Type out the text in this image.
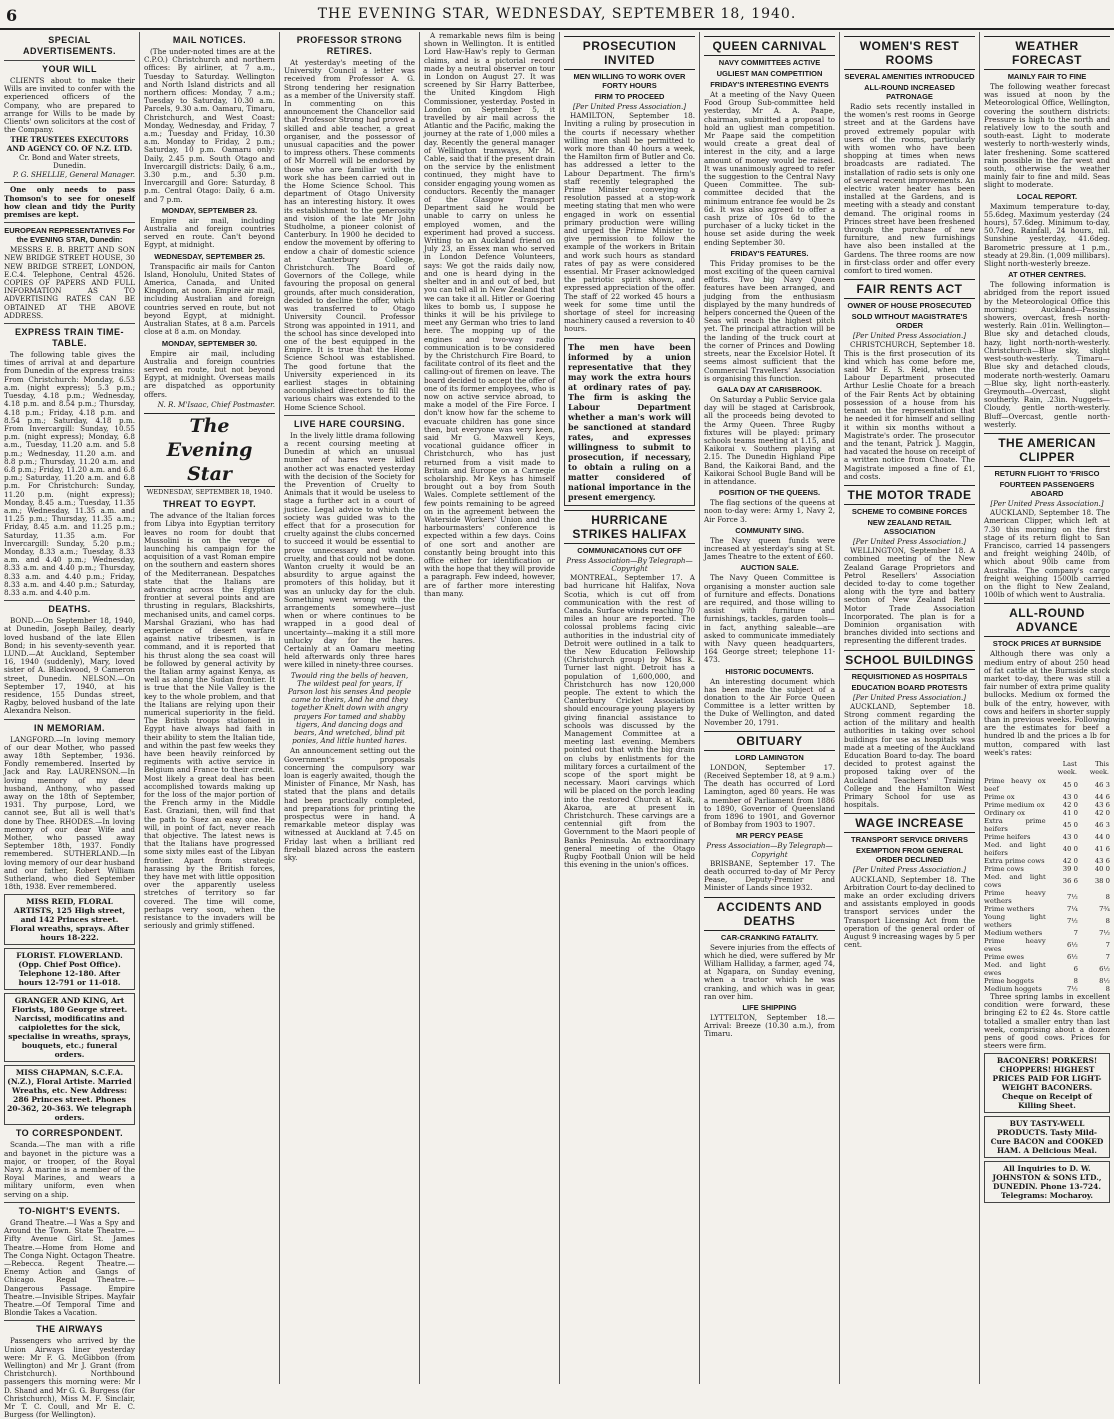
6	THE EVENING STAR, WEDNESDAY, SEPTEMBER 18, 1940.
SPECIAL ADVERTISEMENTS.
YOUR WILL

CLIENTS about to make their Wills are invited to confer with the experienced officers of the Company, who are prepared to arrange for Wills to be made by Clients' own solicitors at the cost of the Company.

THE TRUSTEES EXECUTORS AND AGENCY CO. OF N.Z. LTD.

Cr. Bond and Water streets, Dunedin.

P. G. SHELLIE, General Manager.

One only needs to pass Thomson's to see for oneself how clean and tidy the Purity premises are kept.

EUROPEAN REPRESENTATIVES For the EVENING STAR, Dunedin:

MESSRS E. B. BRETT AND SON NEW BRIDGE STREET HOUSE, 30 NEW BRIDGE STREET, LONDON, E.C.4. Telephone, Central 4526. COPIES OF PAPERS AND FULL INFORMATION AS TO ADVERTISING RATES CAN BE OBTAINED AT THE ABOVE ADDRESS.

EXPRESS TRAIN TIME-TABLE.

The following table gives the times of arrival at and departure from Dunedin of the express trains: From Christchurch: Monday, 6.53 a.m. (night express); 5.3 p.m.; Tuesday, 4.18 p.m.; Wednesday, 4.18 p.m. and 8.54 p.m.; Thursday, 4.18 p.m.; Friday, 4.18 p.m. and 8.54 p.m.; Saturday, 4.18 p.m. From Invercargill: Sunday, 10.55 p.m. (night express); Monday, 6.8 a.m., Tuesday, 11.20 a.m. and 5.8 p.m.; Wednesday, 11.20 a.m. and 8.8 p.m.; Thursday, 11.20 a.m. and 6.8 p.m.; Friday, 11.20 a.m. and 6.8 p.m.; Saturday, 11.20 a.m. and 6.8 p.m. For Christchurch: Sunday, 11.20 p.m. (night express); Monday, 8.45 a.m.; Tuesday, 11.35 a.m.; Wednesday, 11.35 a.m. and 11.25 p.m.; Thursday, 11.35 a.m.; Friday, 8.45 a.m. and 11.25 p.m.; Saturday, 11.35 a.m. For Invercargill: Sunday, 5.20 p.m.; Monday, 8.33 a.m.; Tuesday, 8.33 a.m. and 4.40 p.m.; Wednesday, 8.33 a.m. and 4.40 p.m.; Thursday, 8.33 a.m. and 4.40 p.m.; Friday, 8.33 a.m. and 4.40 p.m.; Saturday, 8.33 a.m. and 4.40 p.m.

DEATHS.

BOND.—On September 18, 1940, at Dunedin, Joseph Bailey, dearly loved husband of the late Ellen Bond; in his seventy-seventh year. LUND.—At Auckland, September 16, 1940 (suddenly), Mary, loved sister of A. Blackwood, 9 Cameron street, Dunedin. NELSON.—On September 17, 1940, at his residence, 155 Dundas street, Ragby, beloved husband of the late Alexandra Nelson.

IN MEMORIAM.

LANGFORD.—In loving memory of our dear Mother, who passed away 18th September, 1936. Fondly remembered. Inserted by Jack and Ray. LAURENSON.—In loving memory of my dear husband, Anthony, who passed away on the 18th of September, 1931. Thy purpose, Lord, we cannot see, But all is well that's done by Thee. RHODES.—In loving memory of our dear Wife and Mother, who passed away September 18th, 1937. Fondly remembered. SUTHERLAND.—In loving memory of our dear husband and our father, Robert William Sutherland, who died September 18th, 1938. Ever remembered.

MISS REID, FLORAL ARTISTS, 125 High street, and 142 Princes street. Floral wreaths, sprays. After hours 18-222.
FLORIST. FLOWERLAND. (Opp. Chief Post Office). Telephone 12-180. After hours 12-791 or 11-018.
GRANGER AND KING, Art Florists, 180 George street. Narcissi, modificatins and caipiolettes for the sick, specialise in wreaths, sprays, bouquets, etc.; funeral orders.
MISS CHAPMAN, S.C.F.A. (N.Z.), Floral Artiste. Married Wreaths, etc. New Address: 286 Princes street. Phones 20-362, 20-363. We telegraph orders.
TO CORRESPONDENT.

Scanda.—The man with a rifle and bayonet in the picture was a major, or trooper, of the Royal Navy. A marine is a member of the Royal Marines, and wears a military uniform, even when serving on a ship.

TO-NIGHT'S EVENTS.

Grand Theatre.—I Was a Spy and Around the Town. State Theatre.—Fifty Avenue Girl. St. James Theatre.—Home from Home and The Conga Night. Octagon Theatre.—Rebecca. Regent Theatre.—Enemy Action and Gangs of Chicago. Regal Theatre.—Dangerous Passage. Empire Theatre.—Invisible Stripes. Mayfair Theatre.—Of Temporal Time and Blondie Takes a Vacation.

THE AIRWAYS

Passengers who arrived by the Union Airways liner yesterday were: Mr F. G. McGibbon (from Wellington) and Mr J. Grant (from Christchurch). Northbound passengers this morning were: Mr D. Shand and Mr G. G. Burgess (for Christchurch), Miss M. F. Sinclair, Mr T. C. Coull, and Mr E. C. Burgess (for Wellington).

MAIL NOTICES.

(The under-noted times are at the C.P.O.) Christchurch and northern offices: By airliner, at 7 a.m., Tuesday to Saturday. Wellington and North Island districts and all northern offices: Monday, 7 a.m.; Tuesday to Saturday, 10.30 a.m. Parcels, 9.30 a.m. Oamaru, Timaru, Christchurch, and West Coast: Monday, Wednesday, and Friday, 7 a.m.; Tuesday and Friday, 10.30 a.m. Monday to Friday, 2 p.m.; Saturday, 10 p.m. Oamaru only: Daily, 2.45 p.m. South Otago and Invercargill districts: Daily, 6 a.m., 3.30 p.m., and 5.30 p.m. Invercargill and Gore: Saturday, 8 p.m. Central Otago: Daily, 6 a.m. and 7 p.m.

MONDAY, SEPTEMBER 23.

Empire air mail, including Australia and foreign countries served en route. Can't beyond Egypt, at midnight.

WEDNESDAY, SEPTEMBER 25.

Transpacific air mails for Canton Island, Honolulu, United States of America, Canada, and United Kingdom, at noon. Empire air mail, including Australian and foreign countries served en route, but not beyond Egypt, at midnight. Australian States, at 8 a.m. Parcels close at 8 a.m. on Monday.

MONDAY, SEPTEMBER 30.

Empire air mail, including Australia and foreign countries served en route, but not beyond Egypt, at midnight. Overseas mails are dispatched as opportunity offers.

N. R. M'Isaac, Chief Postmaster.

The Evening Star
WEDNESDAY, SEPTEMBER 18, 1940.
THREAT TO EGYPT.

The advance of the Italian forces from Libya into Egyptian territory leaves no room for doubt that Mussolini is on the verge of launching his campaign for the acquisition of a vast Roman empire on the southern and eastern shores of the Mediterranean. Despatches state that the Italians are advancing across the Egyptian frontier at several points and are thrusting in regulars, Blackshirts, mechanised units, and camel corps. Marshal Graziani, who has had experience of desert warfare against native tribesmen, is in command, and it is reported that his thrust along the sea coast will be followed by general activity by the Italian army against Kenya, as well as along the Sudan frontier. It is true that the Nile Valley is the key to the whole problem, and that the Italians are relying upon their numerical superiority in the field. The British troops stationed in Egypt have always had faith in their ability to stem the Italian tide, and within the past few weeks they have been heavily reinforced by regiments with active service in Belgium and France to their credit. Most likely a great deal has been accomplished towards making up for the loss of the major portion of the French army in the Middle East. Graziani, then, will find that the path to Suez an easy one. He will, in point of fact, never reach that objective. The latest news is that the Italians have progressed some sixty miles east of the Libyan frontier. Apart from strategic harassing by the British forces, they have met with little opposition over the apparently useless stretches of territory so far covered. The time will come, perhaps very soon, when the resistance to the invaders will be seriously and grimly stiffened.

PROFESSOR STRONG RETIRES.

At yesterday's meeting of the University Council a letter was received from Professor A. G. Strong tendering her resignation as a member of the University staff. In commenting on this announcement the Chancellor said that Professor Strong had proved a skilled and able teacher, a great organiser, and the possessor of unusual capacities and the power to impress others. These comments of Mr Morrell will be endorsed by those who are familiar with the work she has been carried out in the Home Science School. This department of Otago University has an interesting history. It owes its establishment to the generosity and vision of the late Mr John Studholme, a pioneer colonist of Canterbury. In 1900 he decided to endow the movement by offering to endow a chair of domestic science at Canterbury College, Christchurch. The Board of Governors of the College, while favouring the proposal on general grounds, after much consideration, decided to decline the offer, which was transferred to Otago University Council. Professor Strong was appointed in 1911, and the school has since developed into one of the best equipped in the Empire. It is true that the Home Science School was established. The good fortune that the University experienced in its earliest stages in obtaining accomplished directors to fill the various chairs was extended to the Home Science School.

LIVE HARE COURSING.

In the lively little drama following a recent coursing meeting at Dunedin at which an unusual number of hares were killed another act was enacted yesterday with the decision of the Society for the Prevention of Cruelty to Animals that it would be useless to stage a further act in a court of justice. Legal advice to which the society was guided was to the effect that for a prosecution for cruelty against the clubs concerned to succeed it would be essential to prove unnecessary and wanton cruelty, and that could not be done. Wanton cruelty it would be an absurdity to argue against the promoters of this holiday, but it was an unlucky day for the club. Something went wrong with the arrangements somewhere—just when or where continues to be wrapped in a good deal of uncertainty—making it a still more unlucky day for the hares. Certainly at an Oamaru meeting held afterwards only three hares were killed in ninety-three courses.

Twould ring the bells of heaven, The wildest peal for years, If Parson lost his senses And people came to theirs, And he and they together Knelt down with angry prayers For tamed and shabby tigers, And dancing dogs and bears, And wretched, blind pit ponies, And little hunted hares.

An announcement setting out the Government's proposals concerning the compulsory war loan is eagerly awaited, though the Minister of Finance, Mr Nash, has stated that the plans and details had been practically completed, and preparations for printing the prospectus were in hand. A remarkable meteor display was witnessed at Auckland at 7.45 on Friday last when a brilliant red fireball blazed across the eastern sky.

A remarkable news film is being shown in Wellington. It is entitled Lord Haw-Haw's reply to German claims, and is a pictorial record made by a neutral observer on tour in London on August 27. It was screened by Sir Harry Batterbee, the United Kingdom High Commissioner, yesterday. Posted in London on September 5, it travelled by air mail across the Atlantic and the Pacific, making the journey at the rate of 1,000 miles a day. Recently the general manager of Wellington tramways, Mr M. Cable, said that if the present drain on the service by the enlistment continued, they might have to consider engaging young women as conductors. Recently the manager of the Glasgow Transport Department said he would be unable to carry on unless he employed women, and the experiment had proved a success. Writing to an Auckland friend on July 23, an Essex man who served in London Defence Volunteers, says: We got the raids daily now, and one is heard dying in the shelter and in and out of bed, but you can tell all in New Zealand that we can take it all. Hitler or Goering likes to bomb us, I suppose he thinks it will be his privilege to meet any German who tries to land here. The mopping up of the engines and two-way radio communication is to be considered by the Christchurch Fire Board, to facilitate control of its fleet and the calling-out of firemen on leave. The board decided to accept the offer of one of its former employees, who is now on active service abroad, to make a model of the Fire Force. I don't know how far the scheme to evacuate children has gone since then, but everyone was very keen, said Mr G. Maxwell Keys, vocational guidance officer in Christchurch, who has just returned from a visit made to Britain and Europe on a Carnegie scholarship. Mr Keys has himself brought out a boy from South Wales. Complete settlement of the few points remaining to be agreed on in the agreement between the Waterside Workers' Union and the harbourmasters' conference is expected within a few days. Coins of one sort and another are constantly being brought into this office either for identification or with the hope that they will provide a paragraph. Few indeed, however, are of farther more interesting than many.

PROSECUTION INVITED
MEN WILLING TO WORK OVER FORTY HOURS
FIRM TO PROCEED

[Per United Press Association.]

HAMILTON, September 18. Inviting a ruling by prosecution in the courts if necessary whether willing men shall be permitted to work more than 40 hours a week, the Hamilton firm of Butler and Co. has addressed a letter to the Labour Department. The firm's staff recently telegraphed the Prime Minister conveying a resolution passed at a stop-work meeting stating that men who were engaged in work on essential primary production were willing and urged the Prime Minister to give permission to follow the example of the workers in Britain and work such hours as standard rates of pay as were considered essential. Mr Fraser acknowledged the patriotic spirit shown, and expressed appreciation of the offer. The staff of 22 worked 45 hours a week for some time until the shortage of steel for increasing machinery caused a reversion to 40 hours.

The men have been informed by a union representative that they may work the extra hours at ordinary rates of pay. The firm is asking the Labour Department whether a man's work will be sanctioned at standard rates, and expresses willingness to submit to prosecution, if necessary, to obtain a ruling on a matter considered of national importance in the present emergency.

HURRICANE STRIKES HALIFAX
COMMUNICATIONS CUT OFF

Press Association—By Telegraph—Copyright

MONTREAL, September 17. A bad hurricane hit Halifax, Nova Scotia, which is cut off from communication with the rest of Canada. Surface winds reaching 70 miles an hour are reported. The colossal problems facing civic authorities in the industrial city of Detroit were outlined in a talk to the New Education Fellowship (Christchurch group) by Miss K. Turner last night. Detroit has a population of 1,600,000, and Christchurch has now 120,000 people. The extent to which the Canterbury Cricket Association should encourage young players by giving financial assistance to schools was discussed by the Management Committee at a meeting last evening. Members pointed out that with the big drain on clubs by enlistments for the military forces a curtailment of the scope of the sport might be necessary. Maori carvings which will be placed on the porch leading into the restored Church at Kaik, Akaroa, are at present in Christchurch. These carvings are a centennial gift from the Government to the Maori people of Banks Peninsula. An extraordinary general meeting of the Otago Rugby Football Union will be held this evening in the union's offices.

QUEEN CARNIVAL
NAVY COMMITTEES ACTIVE
UGLIEST MAN COMPETITION
FRIDAY'S INTERESTING EVENTS

At a meeting of the Navy Queen Food Group Sub-committee held yesterday, Mr A. A. Paape, chairman, submitted a proposal to hold an ugliest man competition. Mr Paape said the competition would create a great deal of interest in the city, and a large amount of money would be raised. It was unanimously agreed to refer the suggestion to the Central Navy Queen Committee. The sub-committee decided that the minimum entrance fee would be 2s 6d. It was also agreed to offer a cash prize of 10s 6d to the purchaser of a lucky ticket in the house set aside during the week ending September 30.

FRIDAY'S FEATURES.

This Friday promises to be the most exciting of the queen carnival efforts. Two big Navy Queen features have been arranged, and judging from the enthusiasm displayed by the many hundreds of helpers concerned the Queen of the Seas will reach the highest pitch yet. The principal attraction will be the landing of the truck court at the corner of Princes and Dowling streets, near the Excelsior Hotel. It seems almost sufficient that the Commercial Travellers' Association is organising this function.

GALA DAY AT CARISBROOK.

On Saturday a Public Service gala day will be staged at Carisbrook, all the proceeds being devoted to the Army Queen. Three Rugby fixtures will be played: primary schools teams meeting at 1.15, and Kaikorai v. Southern playing at 2.15. The Dunedin Highland Pipe Band, the Kaikorai Band, and the Kaikorai School Bugle Band will be in attendance.

POSITION OF THE QUEENS.

The flag sections of the queens at noon to-day were: Army 1, Navy 2, Air Force 3.

COMMUNITY SING.

The Navy queen funds were increased at yesterday's sing at St. James Theatre to the extent of £60.

AUCTION SALE.

The Navy Queen Committee is organising a monster auction sale of furniture and effects. Donations are required, and those willing to assist with furniture and furnishings, tackles, garden tools—in fact, anything saleable—are asked to communicate immediately with Navy queen headquarters, 164 George street; telephone 11-473.

HISTORIC DOCUMENTS.

An interesting document which has been made the subject of a donation to the Air Force Queen Committee is a letter written by the Duke of Wellington, and dated November 20, 1791.

OBITUARY
LORD LAMINGTON

LONDON, September 17. (Received September 18, at 9 a.m.) The death has occurred of Lord Lamington, aged 80 years. He was a member of Parliament from 1886 to 1890, Governor of Queensland from 1896 to 1901, and Governor of Bombay from 1903 to 1907.

MR PERCY PEASE

Press Association—By Telegraph—Copyright

BRISBANE, September 17. The death occurred to-day of Mr Percy Pease, Deputy-Premier and Minister of Lands since 1932.

ACCIDENTS AND DEATHS
CAR-CRANKING FATALITY.

Severe injuries from the effects of which he died, were suffered by Mr William Halliday, a farmer, aged 74, at Ngapara, on Sunday evening, when a tractor which he was cranking, and which was in gear, ran over him.

LIFE SHIPPING

LYTTELTON, September 18.—Arrival: Breeze (10.30 a.m.), from Timaru.

WOMEN'S REST ROOMS
SEVERAL AMENITIES INTRODUCED
ALL-ROUND INCREASED PATRONAGE

Radio sets recently installed in the women's rest rooms in George street and at the Gardens have proved extremely popular with users of the rooms, particularly with women who have been shopping at times when news broadcasts are radiated. The installation of radio sets is only one of several recent improvements. An electric water heater has been installed at the Gardens, and is meeting with a steady and constant demand. The original rooms in Princes street have been freshened through the purchase of new furniture, and new furnishings have also been installed at the Gardens. The three rooms are now in first-class order and offer every comfort to tired women.

FAIR RENTS ACT
OWNER OF HOUSE PROSECUTED
SOLD WITHOUT MAGISTRATE'S ORDER

[Per United Press Association.]

CHRISTCHURCH, September 18. This is the first prosecution of its kind which has come before me, said Mr E. S. Reid, when the Labour Department prosecuted Arthur Leslie Choate for a breach of the Fair Rents Act by obtaining possession of a house from his tenant on the representation that he needed it for himself and selling it within six months without a Magistrate's order. The prosecutor and the tenant, Patrick J. Maggin, had vacated the house on receipt of a written notice from Choate. The Magistrate imposed a fine of £1, and costs.

THE MOTOR TRADE
SCHEME TO COMBINE FORCES
NEW ZEALAND RETAIL ASSOCIATION

[Per United Press Association.]

WELLINGTON, September 18. A combined meeting of the New Zealand Garage Proprietors and Petrol Resellers' Association decided to-day to come together along with the tyre and battery section of New Zealand Retail Motor Trade Association Incorporated. The plan is for a Dominion organisation with branches divided into sections and representing the different trades.

SCHOOL BUILDINGS
REQUISITIONED AS HOSPITALS
EDUCATION BOARD PROTESTS

[Per United Press Association.]

AUCKLAND, September 18. Strong comment regarding the action of the military and health authorities in taking over school buildings for use as hospitals was made at a meeting of the Auckland Education Board to-day. The board decided to protest against the proposed taking over of the Auckland Teachers' Training College and the Hamilton West Primary School for use as hospitals.

WAGE INCREASE
TRANSPORT SERVICE DRIVERS
EXEMPTION FROM GENERAL ORDER DECLINED

[Per United Press Association.]

AUCKLAND, September 18. The Arbitration Court to-day declined to make an order excluding drivers and assistants employed in goods transport services under the Transport Licensing Act from the operation of the general order of August 9 increasing wages by 5 per cent.

WEATHER FORECAST
MAINLY FAIR TO FINE

The following weather forecast was issued at noon by the Meteorological Office, Wellington, covering the southern districts: Pressure is high to the north and relatively low to the south and south-east. Light to moderate westerly to north-westerly winds, later freshening. Some scattered rain possible in the far west and south, otherwise the weather mainly fair to fine and mild. Seas slight to moderate.

LOCAL REPORT.

Maximum temperature to-day, 55.6deg. Maximum yesterday (24 hours), 57.6deg. Minimum to-day, 50.7deg. Rainfall, 24 hours, nil. Sunshine yesterday, 41.6deg. Barometric pressure at 1 p.m., steady at 29.8in. (1,009 millibars). Slight north-westerly breeze.

AT OTHER CENTRES.

The following information is abridged from the report issued by the Meteorological Office this morning: Auckland—Passing showers, overcast, fresh north-westerly. Rain .01in. Wellington—Blue sky and detached clouds, hazy, light north-north-westerly. Christchurch—Blue sky, slight west-south-westerly. Timaru—Blue sky and detached clouds, moderate north-westerly. Oamaru—Blue sky, light north-easterly. Greymouth—Overcast, slight southerly. Rain, .23in. Nuggets—Cloudy, gentle north-westerly. Bluff—Overcast, gentle north-westerly.

THE AMERICAN CLIPPER
RETURN FLIGHT TO 'FRISCO
FOURTEEN PASSENGERS ABOARD

[Per United Press Association.]

AUCKLAND, September 18. The American Clipper, which left at 7.30 this morning on the first stage of its return flight to San Francisco, carried 14 passengers and freight weighing 240lb, of which about 90lb came from Australia. The company's cargo freight weighing 1500lb carried on the flight to New Zealand, 100lb of which went to Australia.

ALL-ROUND ADVANCE
STOCK PRICES AT BURNSIDE

Although there was only a medium entry of about 250 head of fat cattle at the Burnside stock market to-day, there was still a fair number of extra prime quality bullocks. Medium ox formed the bulk of the entry, however, with cows and heifers in shorter supply than in previous weeks. Following are the estimates for beef a hundred lb and the prices a lb for mutton, compared with last week's rates:

	Last week.	This week.
Prime heavy ox beef	45 0	46 3
Prime ox	43 0	44 6
Prime medium ox	42 0	43 6
Ordinary ox	41 0	42 0
Extra prime heifers	45 0	46 3
Prime heifers	43 0	44 0
Med. and light heifers	40 0	41 6
Extra prime cows	42 0	43 6
Prime cows	39 0	40 0
Med. and light cows	36 6	38 0
Prime heavy wethers	7½	8
Prime wethers	7¼	7¾
Young light wethers	7½	8
Medium wethers	7	7½
Prime heavy ewes	6½	7
Prime ewes	6½	7
Med. and light ewes	6	6½
Prime hoggets	8	8½
Medium hoggets	7½	8

Three spring lambs in excellent condition were forward, these bringing £2 to £2 4s. Store cattle totalled a smaller entry than last week, comprising about a dozen pens of good cows. Prices for steers were firm.

BACONERS! PORKERS! CHOPPERS! HIGHEST PRICES PAID FOR LIGHT-WEIGHT BACONERS. Cheque on Receipt of Killing Sheet.
BUY TASTY-WELL PRODUCTS. Tasty Mild-Cure BACON and COOKED HAM. A Delicious Meal.
All Inquiries to D. W. JOHNSTON & SONS LTD., DUNEDIN. Phone 13-724. Telegrams: Mocharoy.
